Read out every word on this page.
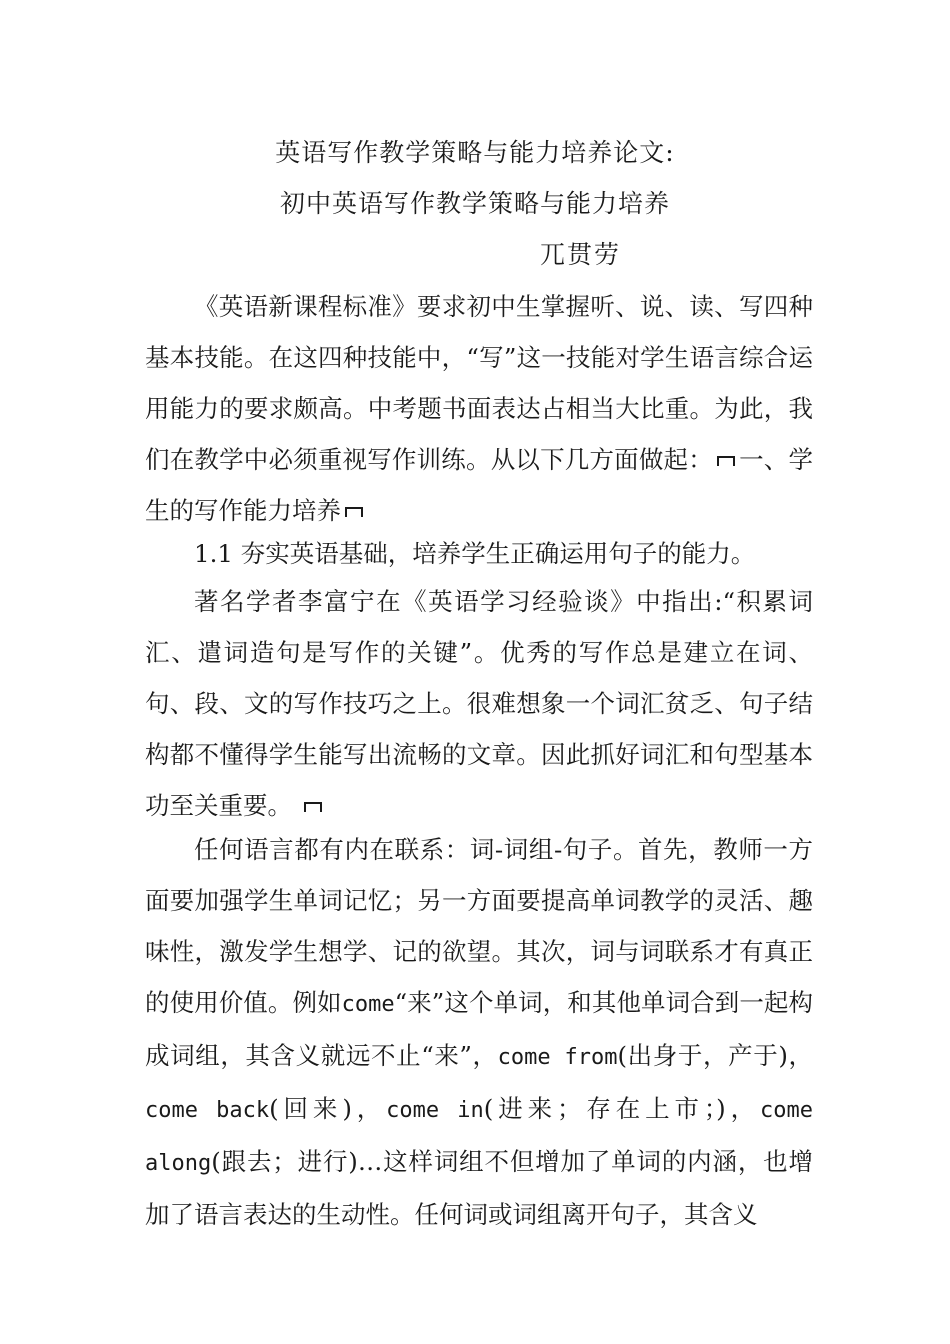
英语写作教学策略与能力培养论文:
初中英语写作教学策略与能力培养
兀贯劳

《英语新课程标准》要求初中生掌握听、说、读、写四种基本技能。在这四种技能中，“写”这一技能对学生语言综合运用能力的要求颇高。中考题书面表达占相当大比重。为此，我们在教学中必须重视写作训练。从以下几方面做起： 一、学生的写作能力培养

1.1 夯实英语基础，培养学生正确运用句子的能力。

著名学者李富宁在《英语学习经验谈》中指出:“积累词汇、遣词造句是写作的关键”。优秀的写作总是建立在词、句、段、文的写作技巧之上。很难想象一个词汇贫乏、句子结构都不懂得学生能写出流畅的文章。因此抓好词汇和句型基本功至关重要。

任何语言都有内在联系：词-词组-句子。首先，教师一方面要加强学生单词记忆；另一方面要提高单词教学的灵活、趣味性，激发学生想学、记的欲望。其次，词与词联系才有真正的使用价值。例如come“来”这个单词，和其他单词合到一起构成词组，其含义就远不止“来”，come from(出身于，产于)，come back(回来)，come in(进来；存在上市；)，come along(跟去；进行)…这样词组不但增加了单词的内涵，也增加了语言表达的生动性。任何词或词组离开句子，其含义
